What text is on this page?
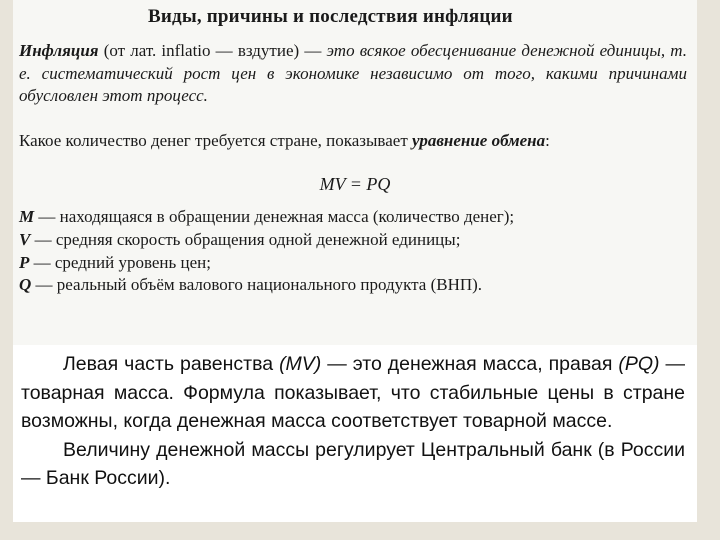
Виды, причины и последствия инфляции
Инфляция (от лат. inflatio — вздутие) — это всякое обесценивание денежной единицы, т. е. систематический рост цен в экономике независимо от того, какими причинами обусловлен этот процесс.
Какое количество денег требуется стране, показывает уравнение обмена:
MV = PQ

M — находящаяся в обращении денежная масса (количество денег);

V — средняя скорость обращения одной денежной единицы;

P — средний уровень цен;

Q — реальный объём валового национального продукта (ВНП).

Левая часть равенства (MV) — это денежная масса, правая (PQ) — товарная масса. Формула показывает, что стабильные цены в стране возможны, когда денежная масса соответствует товарной массе.

Величину денежной массы регулирует Центральный банк (в России — Банк России).
